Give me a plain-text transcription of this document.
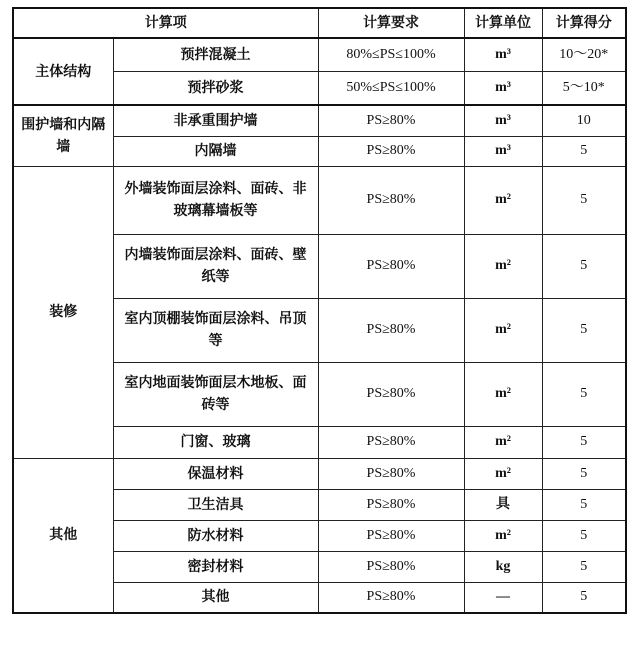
计算项		计算要求	计算单位	计算得分
主体结构	预拌混凝土	80%≤PS≤100%	m³	10～20*
	预拌砂浆	50%≤PS≤100%	m³	5～10*
围护墙和内隔墙	非承重围护墙	PS≥80%	m³	10
	内隔墙	PS≥80%	m³	5
装修	外墙装饰面层涂料、面砖、非玻璃幕墙板等	PS≥80%	m²	5
	内墙装饰面层涂料、面砖、壁纸等	PS≥80%	m²	5
	室内顶棚装饰面层涂料、吊顶等	PS≥80%	m²	5
	室内地面装饰面层木地板、面砖等	PS≥80%	m²	5
	门窗、玻璃	PS≥80%	m²	5
其他	保温材料	PS≥80%	m²	5
	卫生洁具	PS≥80%	具	5
	防水材料	PS≥80%	m²	5
	密封材料	PS≥80%	kg	5
	其他	PS≥80%	—	5
